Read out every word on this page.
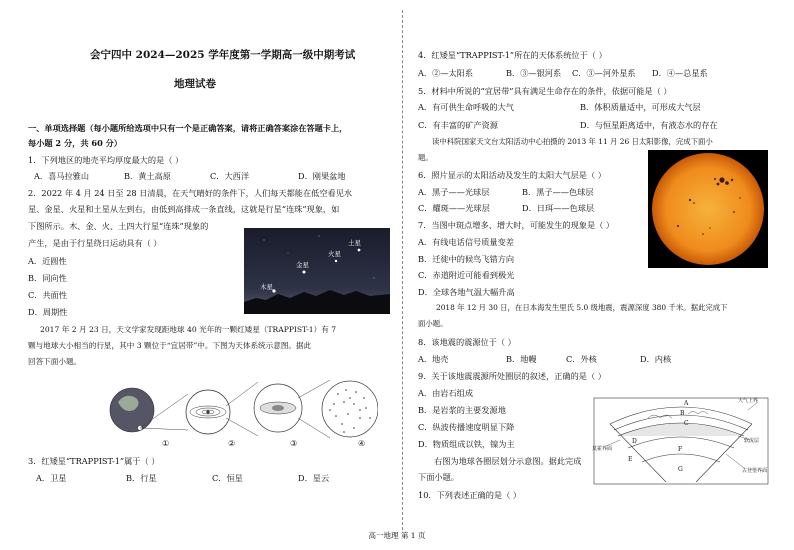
会宁四中 2024—2025 学年度第一学期高一级中期考试
地理试卷
一、单项选择题（每小题所给选项中只有一个是正确答案，请将正确答案涂在答题卡上，
每小题 2 分，共 60 分）
1．下列地区的地壳平均厚度最大的是（ ）
A．喜马拉雅山	B．黄土高原	C．大西洋	D．刚果盆地
2．2022 年 4 月 24 日至 28 日清晨，在天气晴好的条件下，人们每天都能在低空看见水
星、金星、火星和土星从左到右，由低到高排成一条直线，这就是行星“连珠”现象，如
下图所示。木、金、火、土四大行星“连珠”现象的
产生，是由于行星绕日运动具有（ ）
A．近圆性
B．同向性
C．共面性
D．周期性
土星
火星
金星
木星
2017 年 2 月 23 日，天文学家发现距地球 40 光年的一颗红矮星（TRAPPIST-1）有 7
颗与地球大小相当的行星，其中 3 颗位于“宜居带”中。下图为天体系统示意图。据此
回答下面小题。
①	②	③	④
3．红矮星“TRAPPIST-1”属于（ ）
A．卫星	B．行星	C．恒星	D．星云
4．红矮星“TRAPPIST-1”所在的天体系统位于（ ）
A．②—太阳系	B．③—银河系 C．③—河外星系 D．④—总星系
5．材料中所说的“宜居带”具有满足生命存在的条件，依据可能是（ ）
A．有可供生命呼吸的大气	B．体积质量适中，可形成大气层
C．有丰富的矿产资源	D．与恒星距离适中，有液态水的存在
读中科院国家天文台太阳活动中心拍摄的 2013 年 11 月 26 日太阳影像，完成下面小
题。
6．照片显示的太阳活动及发生的太阳大气层是（ ）
A．黑子——光球层	B．黑子——色球层
C．耀斑——光球层	D．日珥——色球层
7．当图中斑点增多、增大时，可能发生的现象是（ ）
A．有线电话信号质量变差
B．迁徙中的候鸟飞错方向
C．赤道附近可能看到极光
D．全球各地气温大幅升高
2018 年 12 月 30 日，在日本海发生里氏 5.0 级地震，震源深度 380 千米。据此完成下
面小题。
8．该地震的震源位于（ ）
A．地壳	B．地幔	C．外核	D．内核
9．关于该地震震源所处圈层的叙述，正确的是（ ）
A．由岩石组成
B．是岩浆的主要发源地
C．纵波传播速度明显下降
D．物质组成以铁，镍为主
右图为地球各圈层划分示意图。据此完成
下面小题。
10．下列表述正确的是（ ）
大气上界
莫霍界面
软流层
古登堡界面
A
B
C
D
E
F
G
高一地理 第 1 页
